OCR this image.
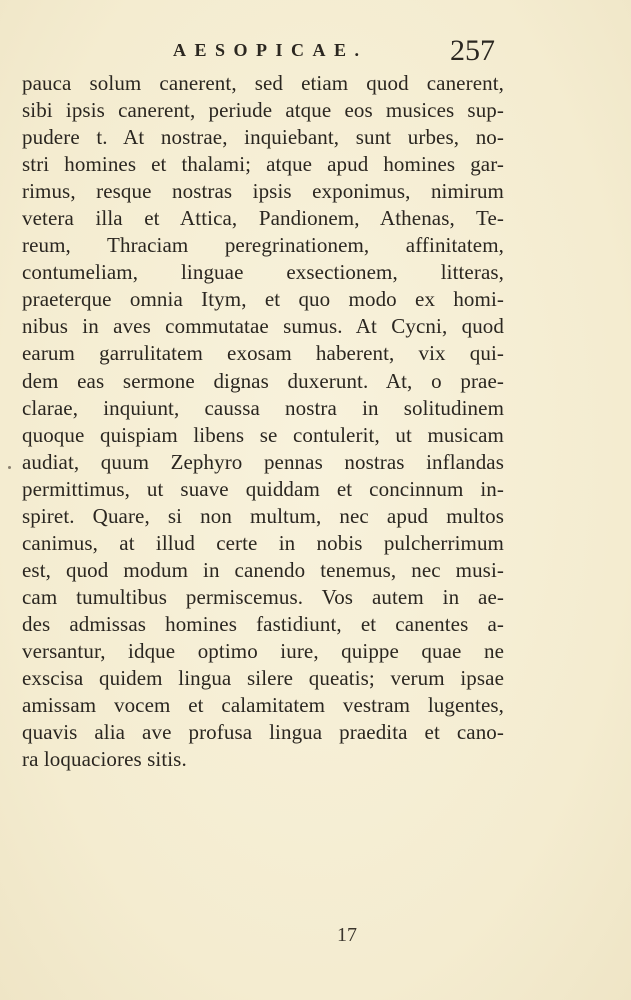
AESOPICAE.	257
pauca solum canerent, sed etiam quod canerent,
sibi ipsis canerent, periude atque eos musices sup-
pudere t. At nostrae, inquiebant, sunt urbes, no-
stri homines et thalami; atque apud homines gar-
rimus, resque nostras ipsis exponimus, nimirum
vetera illa et Attica, Pandionem, Athenas, Te-
reum, Thraciam peregrinationem, affinitatem,
contumeliam, linguae exsectionem, litteras,
praeterque omnia Itym, et quo modo ex homi-
nibus in aves commutatae sumus. At Cycni, quod
earum garrulitatem exosam haberent, vix qui-
dem eas sermone dignas duxerunt. At, o prae-
clarae, inquiunt, caussa nostra in solitudinem
quoque quispiam libens se contulerit, ut musicam
audiat, quum Zephyro pennas nostras inflandas
permittimus, ut suave quiddam et concinnum in-
spiret. Quare, si non multum, nec apud multos
canimus, at illud certe in nobis pulcherrimum
est, quod modum in canendo tenemus, nec musi-
cam tumultibus permiscemus. Vos autem in ae-
des admissas homines fastidiunt, et canentes a-
versantur, idque optimo iure, quippe quae ne
exscisa quidem lingua silere queatis; verum ipsae
amissam vocem et calamitatem vestram lugentes,
quavis alia ave profusa lingua praedita et cano-
ra loquaciores sitis.
17
